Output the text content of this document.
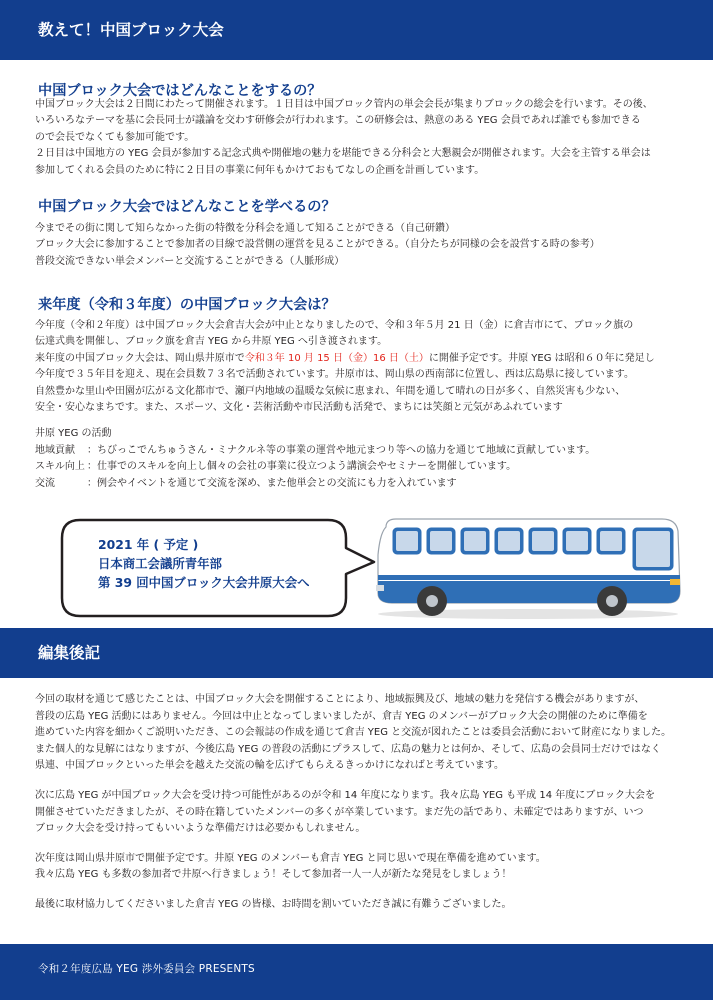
教えて！中国ブロック大会
中国ブロック大会ではどんなことをするの？

中国ブロック大会は２日間にわたって開催されます。１日目は中国ブロック管内の単会会長が集まりブロックの総会を行います。その後、

いろいろなテーマを基に会長同士が議論を交わす研修会が行われます。この研修会は、熱意のある YEG 会員であれば誰でも参加できる

ので会長でなくても参加可能です。

２日目は中国地方の YEG 会員が参加する記念式典や開催地の魅力を堪能できる分科会と大懇親会が開催されます。大会を主管する単会は

参加してくれる会員のために特に２日目の事業に何年もかけておもてなしの企画を計画しています。

中国ブロック大会ではどんなことを学べるの？

今までその街に関して知らなかった街の特徴を分科会を通して知ることができる（自己研鑽）

ブロック大会に参加することで参加者の目線で設営側の運営を見ることができる。（自分たちが同様の会を設営する時の参考）

普段交流できない単会メンバーと交流することができる（人脈形成）

来年度（令和３年度）の中国ブロック大会は？

今年度（令和２年度）は中国ブロック大会倉吉大会が中止となりましたので、令和３年５月 21 日（金）に倉吉市にて、ブロック旗の

伝達式典を開催し、ブロック旗を倉吉 YEG から井原 YEG へ引き渡されます。

来年度の中国ブロック大会は、岡山県井原市で令和３年 10 月 15 日（金）16 日（土）に開催予定です。井原 YEG は昭和６０年に発足し

今年度で３５年目を迎え、現在会員数７３名で活動されています。井原市は、岡山県の西南部に位置し、西は広島県に接しています。

自然豊かな里山や田園が広がる文化都市で、瀬戸内地域の温暖な気候に恵まれ、年間を通して晴れの日が多く、自然災害も少ない、

安全・安心なまちです。また、スポーツ、文化・芸術活動や市民活動も活発で、まちには笑顔と元気があふれています

井原 YEG の活動

地域貢献	：ちびっこでんちゅうさん・ミナクルネ等の事業の運営や地元まつり等への協力を通じて地域に貢献しています。
スキル向上	：仕事でのスキルを向上し個々の会社の事業に役立つよう講演会やセミナーを開催しています。
交流	：例会やイベントを通じて交流を深め、また他単会との交流にも力を入れています
2021 年 ( 予定 )
日本商工会議所青年部
第 39 回中国ブロック大会井原大会へ
編集後記

今回の取材を通じて感じたことは、中国ブロック大会を開催することにより、地域振興及び、地域の魅力を発信する機会がありますが、

普段の広島 YEG 活動にはありません。今回は中止となってしまいましたが、倉吉 YEG のメンバーがブロック大会の開催のために準備を

進めていた内容を細かくご説明いただき、この会報誌の作成を通じて倉吉 YEG と交流が図れたことは委員会活動において財産になりました。

また個人的な見解にはなりますが、今後広島 YEG の普段の活動にプラスして、広島の魅力とは何か、そして、広島の会員同士だけではなく

県連、中国ブロックといった単会を越えた交流の輪を広げてもらえるきっかけになればと考えています。

次に広島 YEG が中国ブロック大会を受け持つ可能性があるのが令和 14 年度になります。我々広島 YEG も平成 14 年度にブロック大会を

開催させていただきましたが、その時在籍していたメンバーの多くが卒業しています。まだ先の話であり、未確定ではありますが、いつ

ブロック大会を受け持ってもいいような準備だけは必要かもしれません。

次年度は岡山県井原市で開催予定です。井原 YEG のメンバーも倉吉 YEG と同じ思いで現在準備を進めています。

我々広島 YEG も多数の参加者で井原へ行きましょう！そして参加者一人一人が新たな発見をしましょう！

最後に取材協力してくださいました倉吉 YEG の皆様、お時間を割いていただき誠に有難うございました。

令和２年度広島 YEG 渉外委員会 PRESENTS
